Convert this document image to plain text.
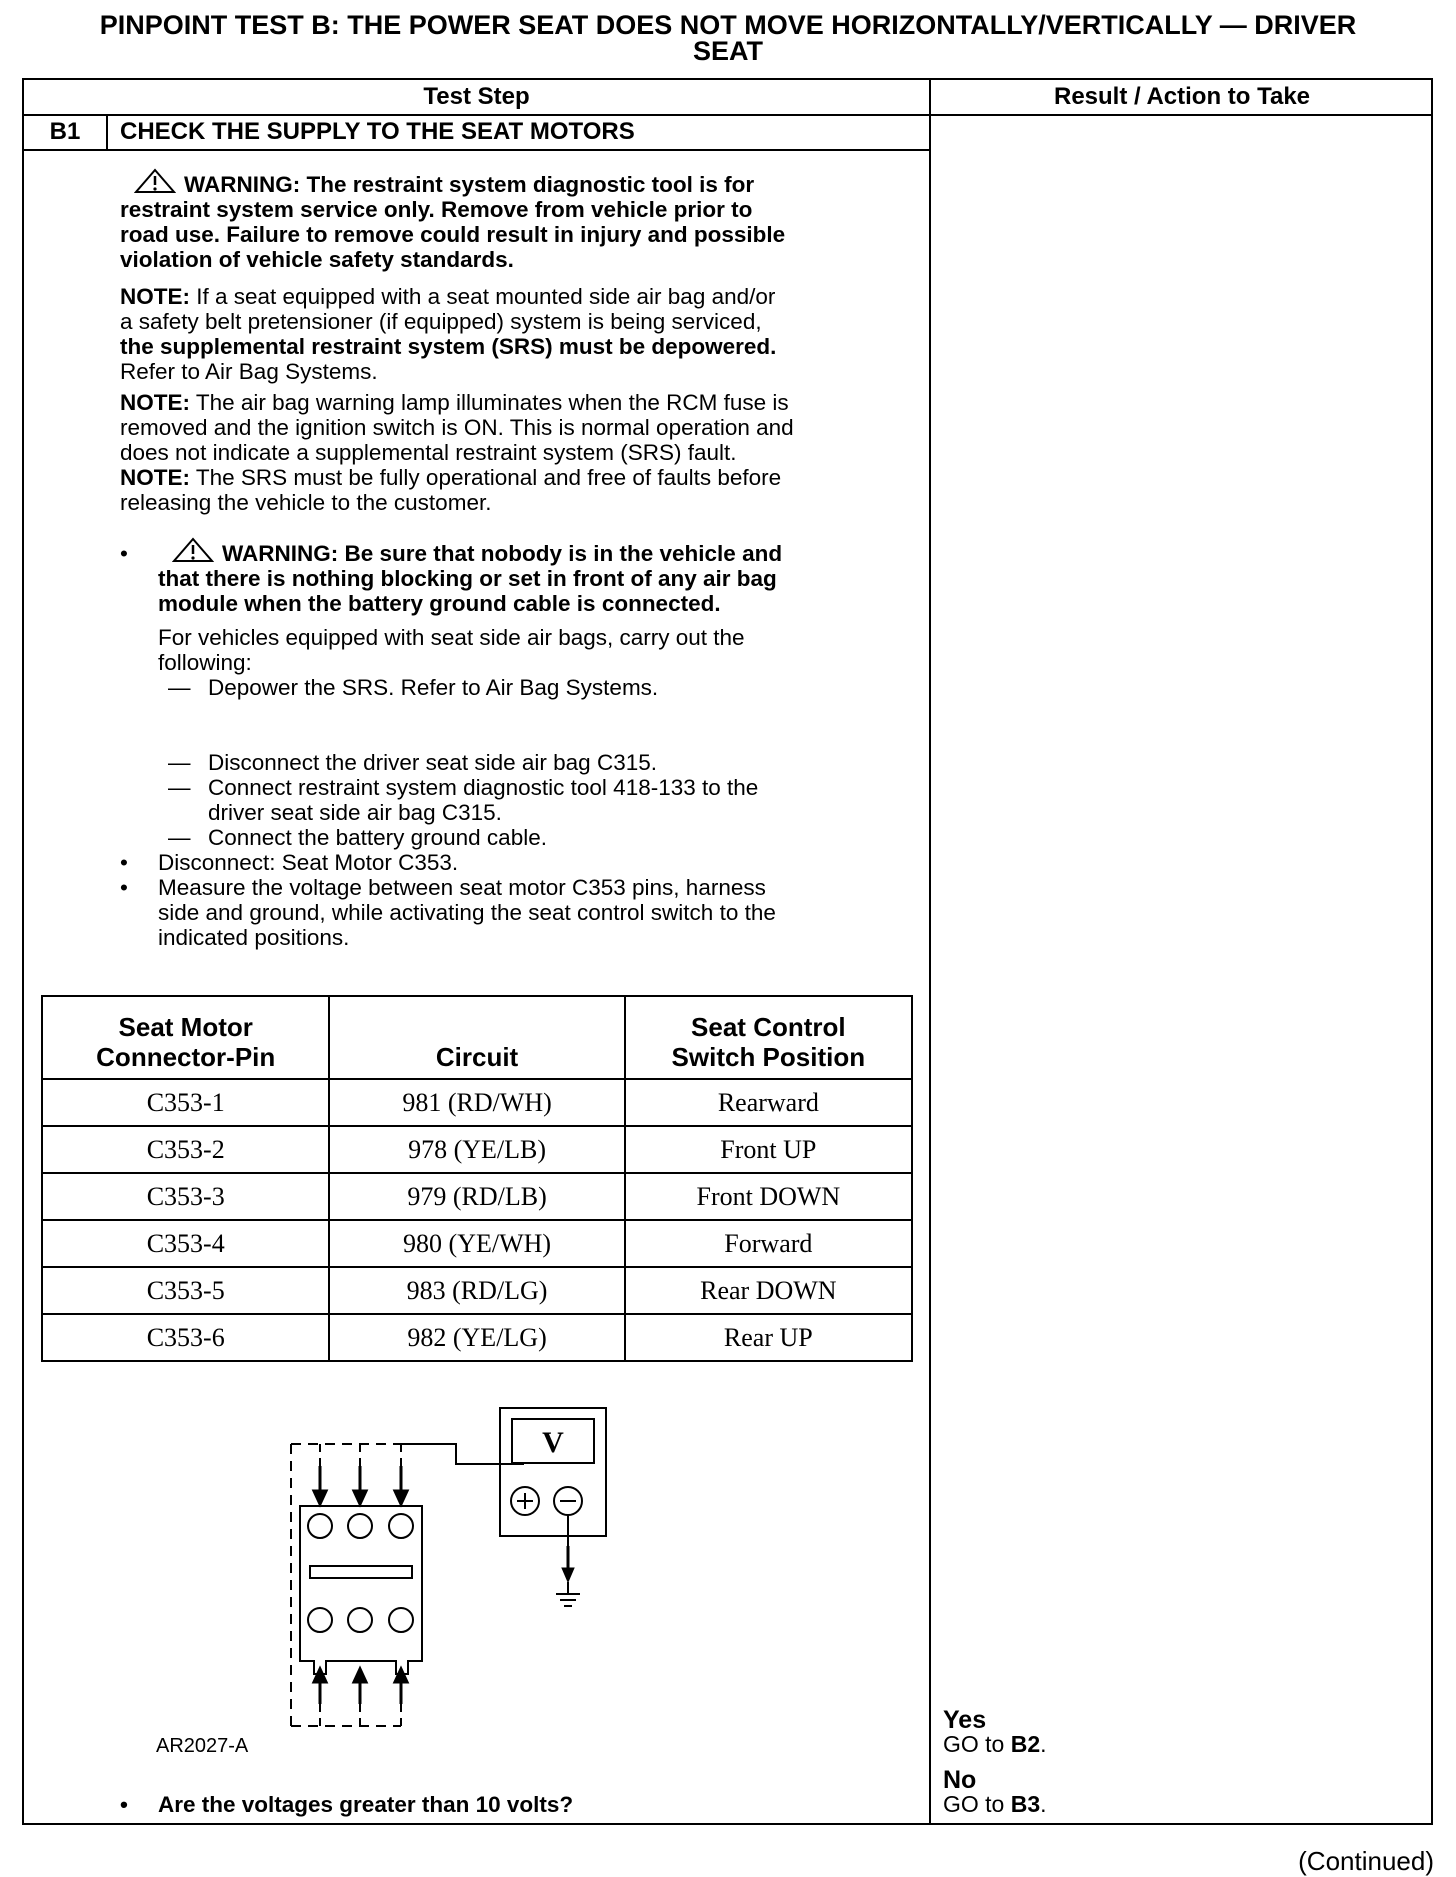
PINPOINT TEST B: THE POWER SEAT DOES NOT MOVE HORIZONTALLY/VERTICALLY — DRIVER
SEAT
Test Step	Result / Action to Take
B1	CHECK THE SUPPLY TO THE SEAT MOTORS
WARNING: The restraint system diagnostic tool is for
restraint system service only. Remove from vehicle prior to
road use. Failure to remove could result in injury and possible
violation of vehicle safety standards.
NOTE: If a seat equipped with a seat mounted side air bag and/or
a safety belt pretensioner (if equipped) system is being serviced,
the supplemental restraint system (SRS) must be depowered.
Refer to Air Bag Systems.
NOTE: The air bag warning lamp illuminates when the RCM fuse is
removed and the ignition switch is ON. This is normal operation and
does not indicate a supplemental restraint system (SRS) fault.
NOTE: The SRS must be fully operational and free of faults before
releasing the vehicle to the customer.
•	WARNING: Be sure that nobody is in the vehicle and
that there is nothing blocking or set in front of any air bag
module when the battery ground cable is connected.
For vehicles equipped with seat side air bags, carry out the
following:
— Depower the SRS. Refer to Air Bag Systems.
— Disconnect the driver seat side air bag C315.
— Connect restraint system diagnostic tool 418-133 to the
driver seat side air bag C315.
— Connect the battery ground cable.
• Disconnect: Seat Motor C353.
• Measure the voltage between seat motor C353 pins, harness
side and ground, while activating the seat control switch to the
indicated positions.
Seat Motor
Connector-Pin	Circuit	Seat Control
Switch Position
C353-1	981 (RD/WH)	Rearward
C353-2	978 (YE/LB)	Front UP
C353-3	979 (RD/LB)	Front DOWN
C353-4	980 (YE/WH)	Forward
C353-5	983 (RD/LG)	Rear DOWN
C353-6	982 (YE/LG)	Rear UP
V
AR2027-A
• Are the voltages greater than 10 volts?
Yes
GO to B2.
No
GO to B3.
(Continued)
